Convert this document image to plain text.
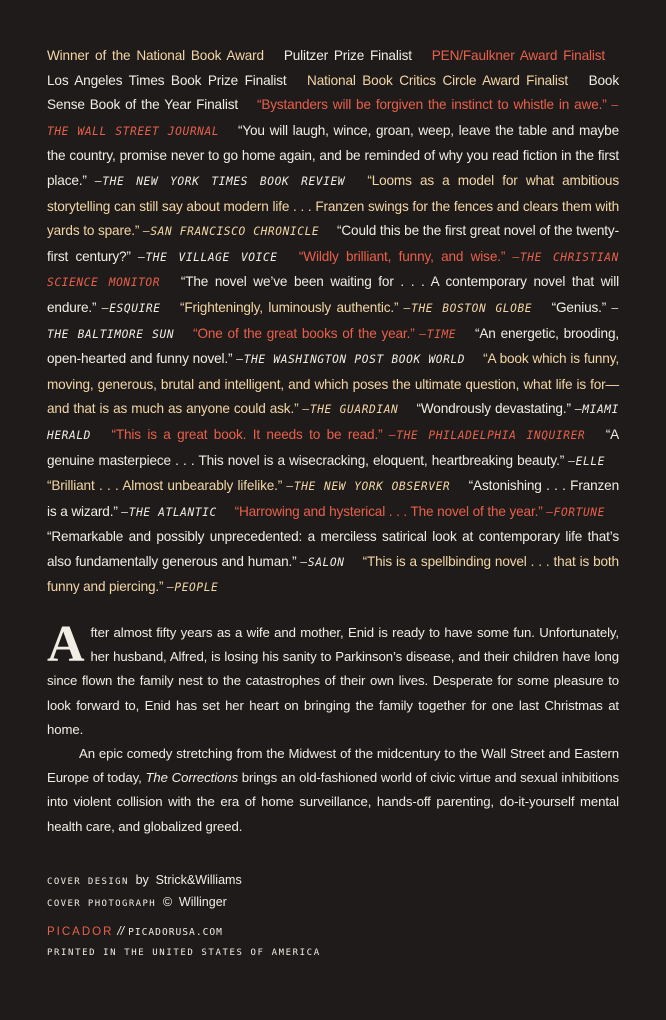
Winner of the National Book Award Pulitzer Prize Finalist PEN/Faulkner Award Finalist Los Angeles Times Book Prize Finalist National Book Critics Circle Award Finalist Book Sense Book of the Year Finalist “Bystanders will be forgiven the instinct to whistle in awe.” —THE WALL STREET JOURNAL “You will laugh, wince, groan, weep, leave the table and maybe the country, promise never to go home again, and be reminded of why you read fiction in the first place.” —THE NEW YORK TIMES BOOK REVIEW “Looms as a model for what ambitious storytelling can still say about modern life . . . Franzen swings for the fences and clears them with yards to spare.” —SAN FRANCISCO CHRONICLE “Could this be the first great novel of the twenty-first century?” —THE VILLAGE VOICE “Wildly brilliant, funny, and wise.” —THE CHRISTIAN SCIENCE MONITOR “The novel we’ve been waiting for . . . A contemporary novel that will endure.” —ESQUIRE “Frighteningly, luminously authentic.” —THE BOSTON GLOBE “Genius.” —THE BALTIMORE SUN “One of the great books of the year.” —TIME “An energetic, brooding, open-hearted and funny novel.” —THE WASHINGTON POST BOOK WORLD “A book which is funny, moving, generous, brutal and intelligent, and which poses the ultimate question, what life is for—and that is as much as anyone could ask.” —THE GUARDIAN “Wondrously devastating.” —MIAMI HERALD “This is a great book. It needs to be read.” —THE PHILADELPHIA INQUIRER “A genuine masterpiece . . . This novel is a wisecracking, eloquent, heartbreaking beauty.” —ELLE “Brilliant . . . Almost unbearably lifelike.” —THE NEW YORK OBSERVER “Astonishing . . . Franzen is a wizard.” —THE ATLANTIC “Harrowing and hysterical . . . The novel of the year.” —FORTUNE “Remarkable and possibly unprecedented: a merciless satirical look at contemporary life that’s also fundamentally generous and human.” —SALON “This is a spellbinding novel . . . that is both funny and piercing.” —PEOPLE

After almost fifty years as a wife and mother, Enid is ready to have some fun. Unfortunately, her husband, Alfred, is losing his sanity to Parkinson’s disease, and their children have long since flown the family nest to the catastrophes of their own lives. Desperate for some pleasure to look forward to, Enid has set her heart on bringing the family together for one last Christmas at home.

An epic comedy stretching from the Midwest of the midcentury to the Wall Street and Eastern Europe of today, The Corrections brings an old-fashioned world of civic virtue and sexual inhibitions into violent collision with the era of home surveillance, hands-off parenting, do-it-yourself mental health care, and globalized greed.

COVER DESIGN by Strick&Williams
COVER PHOTOGRAPH © Willinger
PICADOR // PICADORUSA.COM
PRINTED IN THE UNITED STATES OF AMERICA
